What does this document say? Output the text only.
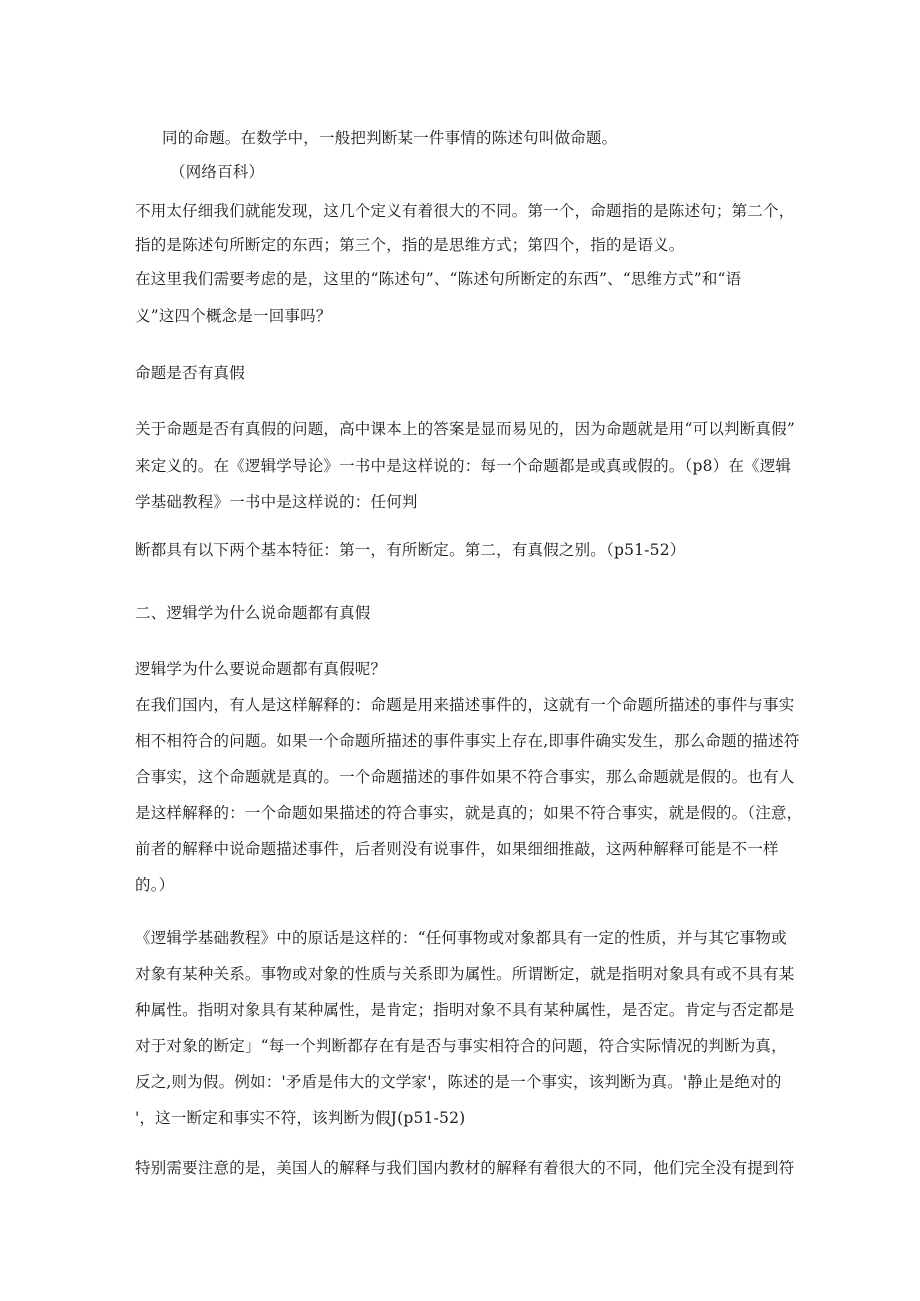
同的命题。在数学中，一般把判断某一件事情的陈述句叫做命题。
（网络百科）
不用太仔细我们就能发现，这几个定义有着很大的不同。第一个，命题指的是陈述句；第二个，
指的是陈述句所断定的东西；第三个，指的是思维方式；第四个，指的是语义。
在这里我们需要考虑的是，这里的“陈述句”、“陈述句所断定的东西”、“思维方式”和“语
义”这四个概念是一回事吗？
命题是否有真假
关于命题是否有真假的问题，高中课本上的答案是显而易见的，因为命题就是用“可以判断真假”
来定义的。在《逻辑学导论》一书中是这样说的：每一个命题都是或真或假的。（p8）在《逻辑
学基础教程》一书中是这样说的：任何判
断都具有以下两个基本特征：第一，有所断定。第二，有真假之别。（p51-52）
二、逻辑学为什么说命题都有真假
逻辑学为什么要说命题都有真假呢？
在我们国内，有人是这样解释的：命题是用来描述事件的，这就有一个命题所描述的事件与事实
相不相符合的问题。如果一个命题所描述的事件事实上存在,即事件确实发生，那么命题的描述符
合事实，这个命题就是真的。一个命题描述的事件如果不符合事实，那么命题就是假的。也有人
是这样解释的：一个命题如果描述的符合事实，就是真的；如果不符合事实，就是假的。（注意，
前者的解释中说命题描述事件，后者则没有说事件，如果细细推敲，这两种解释可能是不一样
的。）
《逻辑学基础教程》中的原话是这样的：“任何事物或对象都具有一定的性质，并与其它事物或
对象有某种关系。事物或对象的性质与关系即为属性。所谓断定，就是指明对象具有或不具有某
种属性。指明对象具有某种属性，是肯定；指明对象不具有某种属性，是否定。肯定与否定都是
对于对象的断定」“每一个判断都存在有是否与事实相符合的问题，符合实际情况的判断为真，
反之,则为假。例如：'矛盾是伟大的文学家'，陈述的是一个事实，该判断为真。'静止是绝对的
'，这一断定和事实不符，该判断为假J(p51-52)
特别需要注意的是，美国人的解释与我们国内教材的解释有着很大的不同，他们完全没有提到符
